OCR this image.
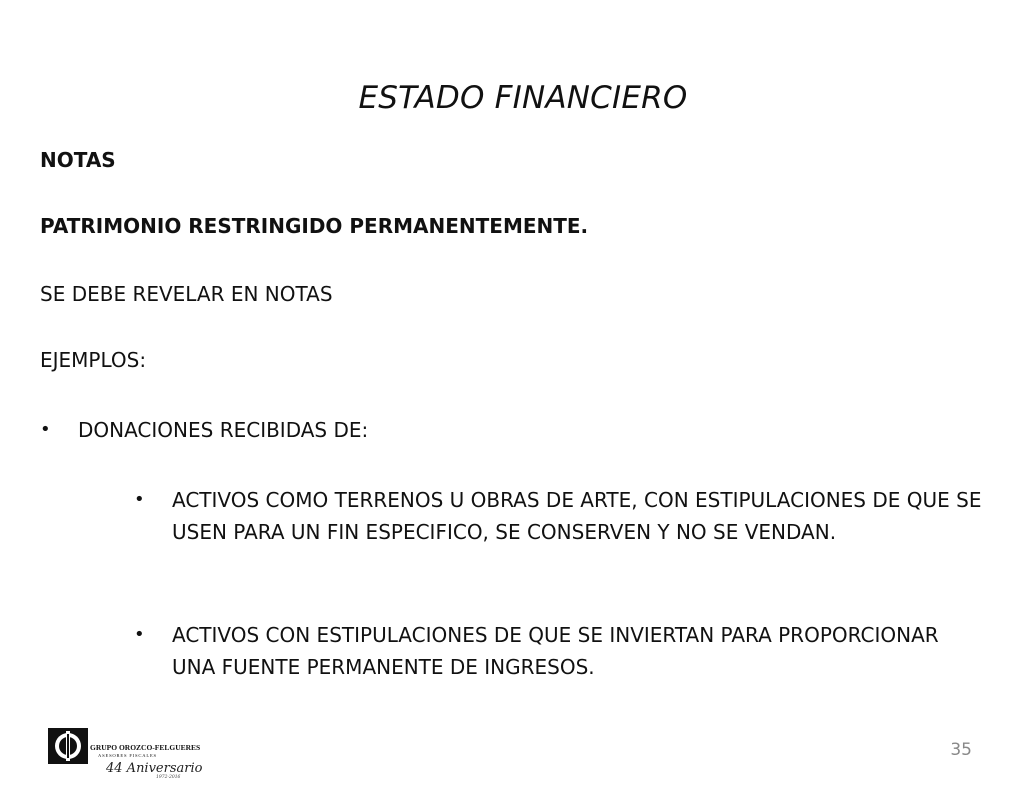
ESTADO FINANCIERO
NOTAS
PATRIMONIO RESTRINGIDO PERMANENTEMENTE.
SE DEBE REVELAR EN NOTAS
EJEMPLOS:
• DONACIONES RECIBIDAS DE:
• ACTIVOS COMO TERRENOS U OBRAS DE ARTE, CON ESTIPULACIONES DE QUE SE USEN PARA UN FIN ESPECIFICO, SE CONSERVEN Y NO SE VENDAN.
• ACTIVOS CON ESTIPULACIONES DE QUE SE INVIERTAN PARA PROPORCIONAR UNA FUENTE PERMANENTE DE INGRESOS.
GRUPO OROZCO-FELGUERES
ASESORES FISCALES
44 Aniversario
1972-2016
35
